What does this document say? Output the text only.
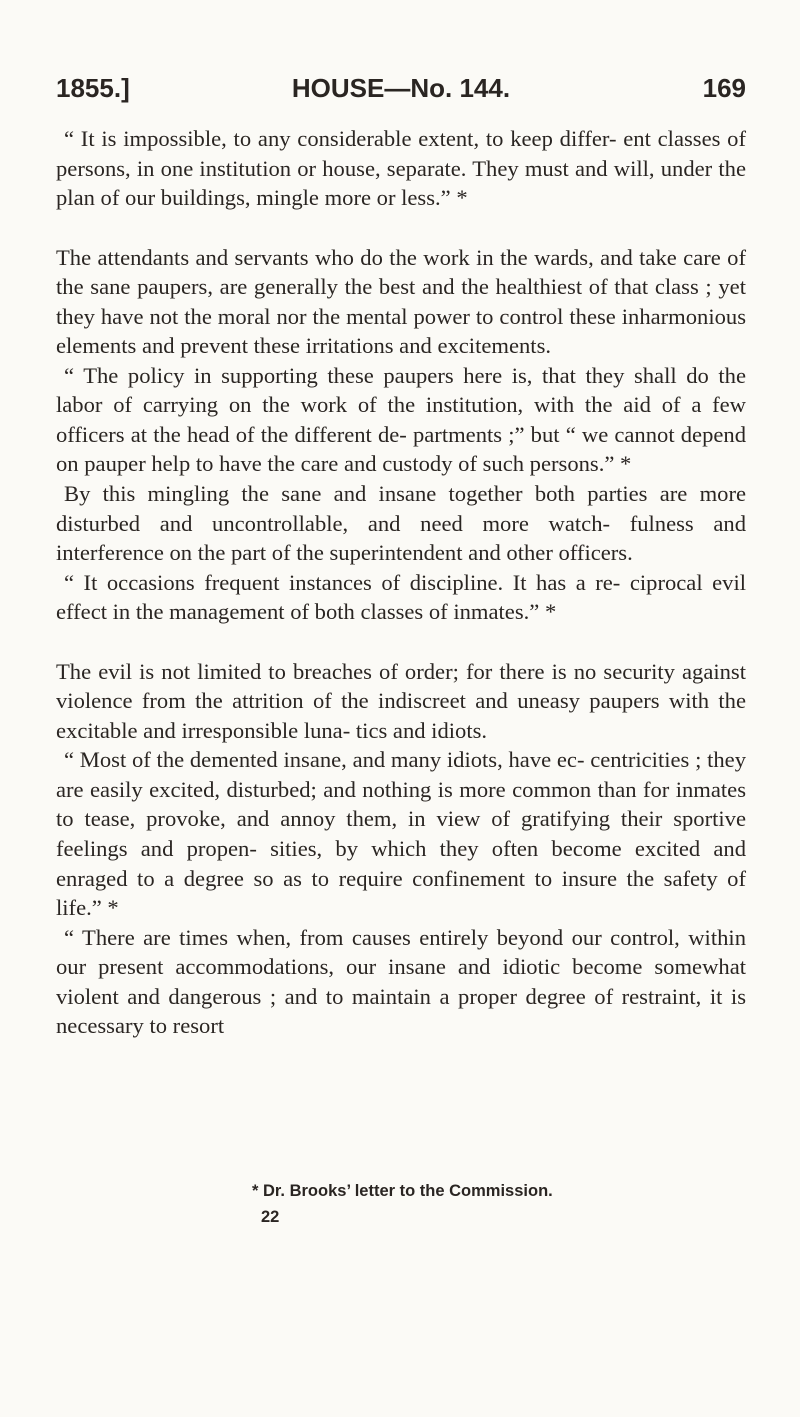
1855.]	HOUSE—No. 144.	169

“ It is impossible, to any considerable extent, to keep differ- ent classes of persons, in one institution or house, separate. They must and will, under the plan of our buildings, mingle more or less.” *

The attendants and servants who do the work in the wards, and take care of the sane paupers, are generally the best and the healthiest of that class ; yet they have not the moral nor the mental power to control these inharmonious elements and prevent these irritations and excitements.

“ The policy in supporting these paupers here is, that they shall do the labor of carrying on the work of the institution, with the aid of a few officers at the head of the different de- partments ;” but “ we cannot depend on pauper help to have the care and custody of such persons.” *

By this mingling the sane and insane together both parties are more disturbed and uncontrollable, and need more watch- fulness and interference on the part of the superintendent and other officers.

“ It occasions frequent instances of discipline. It has a re- ciprocal evil effect in the management of both classes of inmates.” *

The evil is not limited to breaches of order; for there is no security against violence from the attrition of the indiscreet and uneasy paupers with the excitable and irresponsible luna- tics and idiots.

“ Most of the demented insane, and many idiots, have ec- centricities ; they are easily excited, disturbed; and nothing is more common than for inmates to tease, provoke, and annoy them, in view of gratifying their sportive feelings and propen- sities, by which they often become excited and enraged to a degree so as to require confinement to insure the safety of life.” *

“ There are times when, from causes entirely beyond our control, within our present accommodations, our insane and idiotic become somewhat violent and dangerous ; and to maintain a proper degree of restraint, it is necessary to resort

* Dr. Brooks’ letter to the Commission.
22
